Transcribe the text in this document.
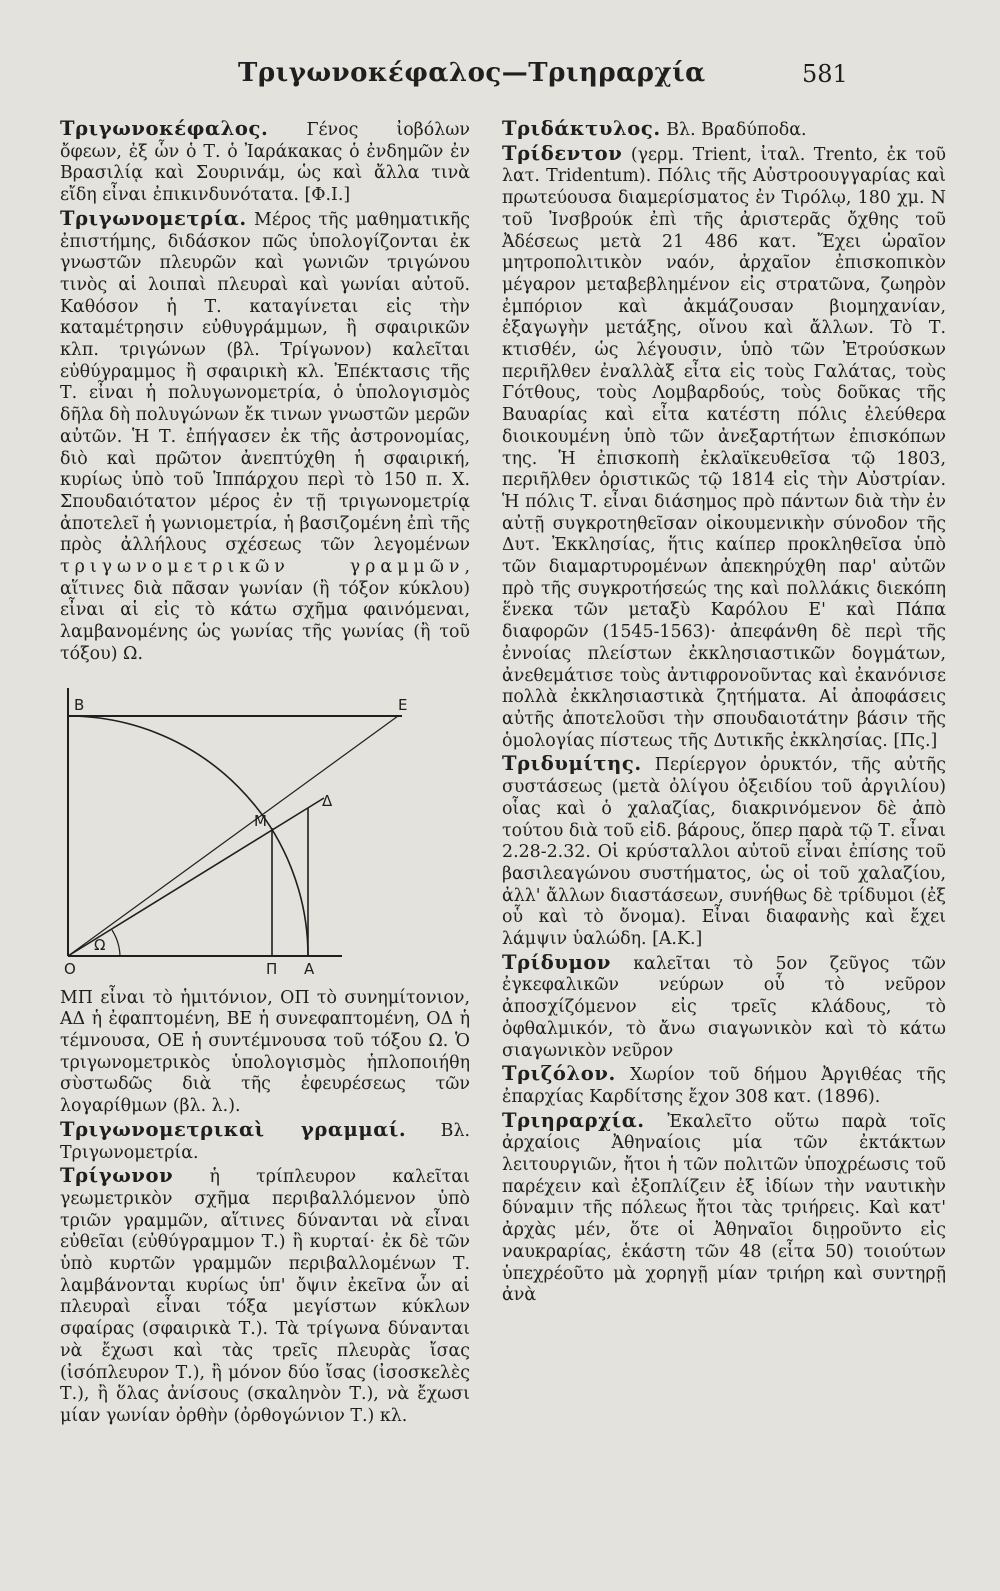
Τριγωνοκέφαλος—Τριηραρχία	581

Τριγωνοκέφαλος. Γένος ἰοβόλων ὄφεων, ἐξ ὧν ὁ Τ. ὁ Ἰαράκακας ὁ ἐνδημῶν ἐν Βρασιλίᾳ καὶ Σουρινάμ, ὡς καὶ ἄλλα τινὰ εἴδη εἶναι ἐπικινδυνότατα. [Φ.Ι.]

Τριγωνομετρία. Μέρος τῆς μαθηματικῆς ἐπιστήμης, διδάσκον πῶς ὑπολογίζονται ἐκ γνωστῶν πλευρῶν καὶ γωνιῶν τριγώνου τινὸς αἱ λοιπαὶ πλευραὶ καὶ γωνίαι αὐτοῦ. Καθόσον ἡ Τ. καταγίνεται εἰς τὴν καταμέτρησιν εὐθυγράμμων, ἢ σφαιρικῶν κλπ. τριγώνων (βλ. Τρίγωνον) καλεῖται εὐθύγραμμος ἢ σφαιρικὴ κλ. Ἐπέκτασις τῆς Τ. εἶναι ἡ πολυγωνομετρία, ὁ ὑπολογισμὸς δῆλα δὴ πολυγώνων ἔκ τινων γνωστῶν μερῶν αὐτῶν. Ἡ Τ. ἐπήγασεν ἐκ τῆς ἀστρονομίας, διὸ καὶ πρῶτον ἀνεπτύχθη ἡ σφαιρική, κυρίως ὑπὸ τοῦ Ἱππάρχου περὶ τὸ 150 π. Χ. Σπουδαιότατον μέρος ἐν τῇ τριγωνομετρίᾳ ἀποτελεῖ ἡ γωνιομετρία, ἡ βασιζομένη ἐπὶ τῆς πρὸς ἀλλήλους σχέσεως τῶν λεγομένων τριγωνομετρικῶν γραμμῶν, αἵτινες διὰ πᾶσαν γωνίαν (ἢ τόξον κύκλου) εἶναι αἱ εἰς τὸ κάτω σχῆμα φαινόμεναι, λαμβανομένης ὡς γωνίας τῆς γωνίας (ἢ τοῦ τόξου) Ω.

Β	Ε
Μ
Δ
Ω
Ο	Π Α

ΜΠ εἶναι τὸ ἡμιτόνιον, ΟΠ τὸ συνημίτονιον, ΑΔ ἡ ἐφαπτομένη, ΒΕ ἡ συνεφαπτομένη, ΟΔ ἡ τέμνουσα, ΟΕ ἡ συντέμνουσα τοῦ τόξου Ω. Ὁ τριγωνομετρικὸς ὑπολογισμὸς ἡπλοποιήθη σὺστωδῶς διὰ τῆς ἐφευρέσεως τῶν λογαρίθμων (βλ. λ.).

Τριγωνομετρικαὶ γραμμαί. Βλ. Τριγωνομετρία.

Τρίγωνον ἡ τρίπλευρον καλεῖται γεωμετρικὸν σχῆμα περιβαλλόμενον ὑπὸ τριῶν γραμμῶν, αἵτινες δύνανται νὰ εἶναι εὐθεῖαι (εὐθύγραμμον Τ.) ἢ κυρταί· ἐκ δὲ τῶν ὑπὸ κυρτῶν γραμμῶν περιβαλλομένων Τ. λαμβάνονται κυρίως ὑπ' ὄψιν ἐκεῖνα ὧν αἱ πλευραὶ εἶναι τόξα μεγίστων κύκλων σφαίρας (σφαιρικὰ Τ.). Τὰ τρίγωνα δύνανται νὰ ἔχωσι καὶ τὰς τρεῖς πλευρὰς ἴσας (ἰσόπλευρον Τ.), ἢ μόνον δύο ἴσας (ἰσοσκελὲς Τ.), ἢ ὅλας ἀνίσους (σκαληνὸν Τ.), νὰ ἔχωσι μίαν γωνίαν ὀρθὴν (ὀρθογώνιον Τ.) κλ.

Τριδάκτυλος. Βλ. Βραδύποδα.

Τρίδεντον (γερμ. Trient, ἰταλ. Trento, ἐκ τοῦ λατ. Tridentum). Πόλις τῆς Αὐστροουγγαρίας καὶ πρωτεύουσα διαμερίσματος ἐν Τιρόλῳ, 180 χμ. Ν τοῦ Ἰνσβρούκ ἐπὶ τῆς ἀριστερᾶς ὄχθης τοῦ Ἀδέσεως μετὰ 21 486 κατ. Ἔχει ὡραῖον μητροπολιτικὸν ναόν, ἀρχαῖον ἐπισκοπικὸν μέγαρον μεταβεβλημένον εἰς στρατῶνα, ζωηρὸν ἐμπόριον καὶ ἀκμάζουσαν βιομηχανίαν, ἐξαγωγὴν μετάξης, οἴνου καὶ ἄλλων. Τὸ Τ. κτισθέν, ὡς λέγουσιν, ὑπὸ τῶν Ἐτρούσκων περιῆλθεν ἐναλλὰξ εἶτα εἰς τοὺς Γαλάτας, τοὺς Γότθους, τοὺς Λομβαρδούς, τοὺς δοῦκας τῆς Βαυαρίας καὶ εἶτα κατέστη πόλις ἐλεύθερα διοικουμένη ὑπὸ τῶν ἀνεξαρτήτων ἐπισκόπων της. Ἡ ἐπισκοπὴ ἐκλαϊκευθεῖσα τῷ 1803, περιῆλθεν ὁριστικῶς τῷ 1814 εἰς τὴν Αὐστρίαν. Ἡ πόλις Τ. εἶναι διάσημος πρὸ πάντων διὰ τὴν ἐν αὐτῇ συγκροτηθεῖσαν οἰκουμενικὴν σύνοδον τῆς Δυτ. Ἐκκλησίας, ἥτις καίπερ προκληθεῖσα ὑπὸ τῶν διαμαρτυρομένων ἀπεκηρύχθη παρ' αὐτῶν πρὸ τῆς συγκροτήσεώς της καὶ πολλάκις διεκόπη ἕνεκα τῶν μεταξὺ Καρόλου Ε' καὶ Πάπα διαφορῶν (1545-1563)· ἀπεφάνθη δὲ περὶ τῆς ἐννοίας πλείστων ἐκκλησιαστικῶν δογμάτων, ἀνεθεμάτισε τοὺς ἀντιφρονοῦντας καὶ ἐκανόνισε πολλὰ ἐκκλησιαστικὰ ζητήματα. Αἱ ἀποφάσεις αὐτῆς ἀποτελοῦσι τὴν σπουδαιοτάτην βάσιν τῆς ὁμολογίας πίστεως τῆς Δυτικῆς ἐκκλησίας. [Πς.]

Τριδυμίτης. Περίεργον ὀρυκτόν, τῆς αὐτῆς συστάσεως (μετὰ ὀλίγου ὀξειδίου τοῦ ἀργιλίου) οἷας καὶ ὁ χαλαζίας, διακρινόμενον δὲ ἀπὸ τούτου διὰ τοῦ εἰδ. βάρους, ὅπερ παρὰ τῷ Τ. εἶναι 2.28-2.32. Οἱ κρύσταλλοι αὐτοῦ εἶναι ἐπίσης τοῦ βασιλεαγώνου συστήματος, ὡς οἱ τοῦ χαλαζίου, ἀλλ' ἄλλων διαστάσεων, συνήθως δὲ τρίδυμοι (ἐξ οὗ καὶ τὸ ὄνομα). Εἶναι διαφανὴς καὶ ἔχει λάμψιν ὑαλώδη. [Α.Κ.]

Τρίδυμον καλεῖται τὸ 5ον ζεῦγος τῶν ἐγκεφαλικῶν νεύρων οὗ τὸ νεῦρον ἀποσχίζόμενον εἰς τρεῖς κλάδους, τὸ ὀφθαλμικόν, τὸ ἄνω σιαγωνικὸν καὶ τὸ κάτω σιαγωνικὸν νεῦρον

Τριζόλον. Χωρίον τοῦ δήμου Ἀργιθέας τῆς ἐπαρχίας Καρδίτσης ἔχον 308 κατ. (1896).

Τριηραρχία. Ἐκαλεῖτο οὕτω παρὰ τοῖς ἀρχαίοις Ἀθηναίοις μία τῶν ἐκτάκτων λειτουργιῶν, ἤτοι ἡ τῶν πολιτῶν ὑποχρέωσις τοῦ παρέχειν καὶ ἐξοπλίζειν ἐξ ἰδίων τὴν ναυτικὴν δύναμιν τῆς πόλεως ἤτοι τὰς τριήρεις. Καὶ κατ' ἀρχὰς μέν, ὅτε οἱ Ἀθηναῖοι διῃροῦντο εἰς ναυκραρίας, ἑκάστη τῶν 48 (εἶτα 50) τοιούτων ὑπεχρέοῦτο μὰ χορηγῇ μίαν τριήρη καὶ συντηρῇ ἀνὰ
